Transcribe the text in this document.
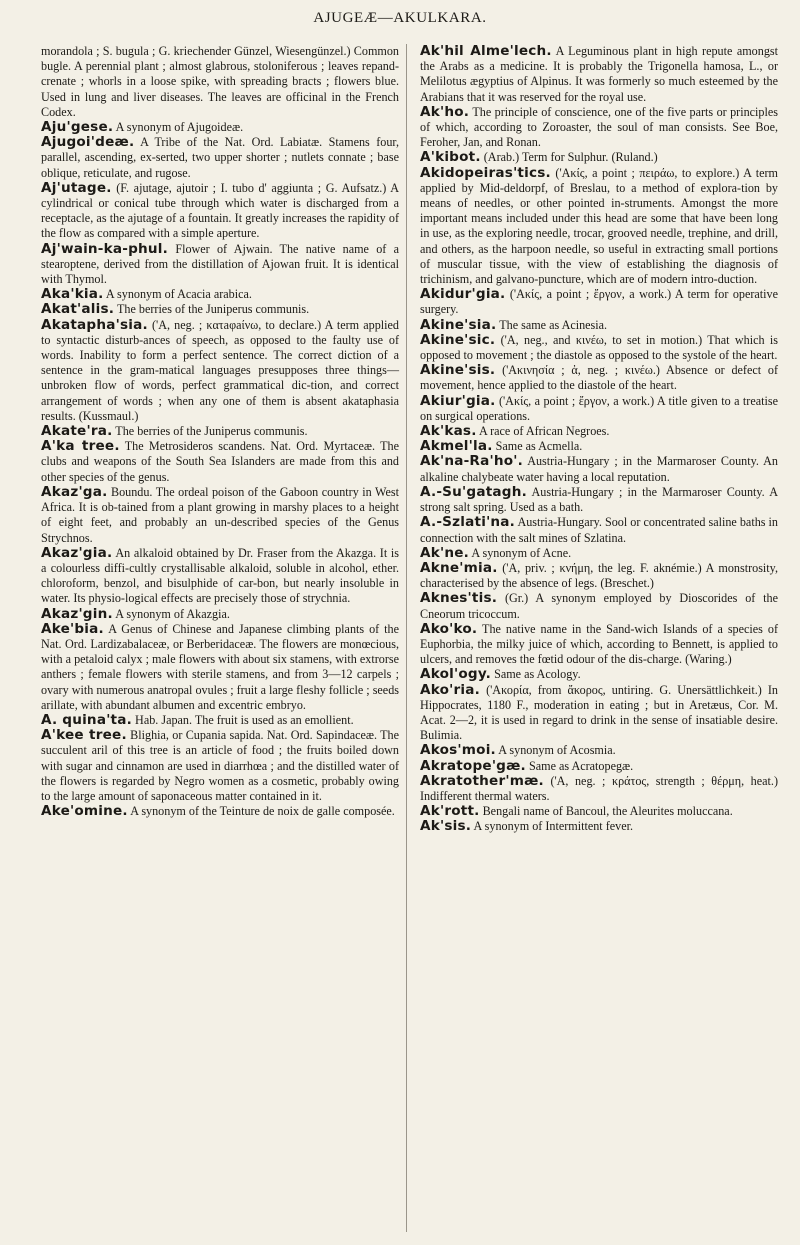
AJUGEÆ—AKULKARA.

morandola ; S. bugula ; G. kriechender Günzel, Wiesengünzel.) Common bugle. A perennial plant ; almost glabrous, stoloniferous ; leaves repand-crenate ; whorls in a loose spike, with spreading bracts ; flowers blue. Used in lung and liver diseases. The leaves are officinal in the French Codex.

Aju'gese. A synonym of Ajugoideæ.

Ajugoi'deæ. A Tribe of the Nat. Ord. Labiatæ. Stamens four, parallel, ascending, ex-serted, two upper shorter ; nutlets connate ; base oblique, reticulate, and rugose.

Aj'utage. (F. ajutage, ajutoir ; I. tubo d' aggiunta ; G. Aufsatz.) A cylindrical or conical tube through which water is discharged from a receptacle, as the ajutage of a fountain. It greatly increases the rapidity of the flow as compared with a simple aperture.

Aj'wain-ka-phul. Flower of Ajwain. The native name of a stearoptene, derived from the distillation of Ajowan fruit. It is identical with Thymol.

Aka'kia. A synonym of Acacia arabica.

Akat'alis. The berries of the Juniperus communis.

Akatapha'sia. ('A, neg. ; κατaφaίνω, to declare.) A term applied to syntactic disturb-ances of speech, as opposed to the faulty use of words. Inability to form a perfect sentence. The correct diction of a sentence in the gram-matical languages presupposes three things— unbroken flow of words, perfect grammatical dic-tion, and correct arrangement of words ; when any one of them is absent akataphasia results. (Kussmaul.)

Akate'ra. The berries of the Juniperus communis.

A'ka tree. The Metrosideros scandens. Nat. Ord. Myrtaceæ. The clubs and weapons of the South Sea Islanders are made from this and other species of the genus.

Akaz'ga. Boundu. The ordeal poison of the Gaboon country in West Africa. It is ob-tained from a plant growing in marshy places to a height of eight feet, and probably an un-described species of the Genus Strychnos.

Akaz'gia. An alkaloid obtained by Dr. Fraser from the Akazga. It is a colourless diffi-cultly crystallisable alkaloid, soluble in alcohol, ether. chloroform, benzol, and bisulphide of car-bon, but nearly insoluble in water. Its physio-logical effects are precisely those of strychnia.

Akaz'gin. A synonym of Akazgia.

Ake'bia. A Genus of Chinese and Japanese climbing plants of the Nat. Ord. Lardizabalaceæ, or Berberidaceæ. The flowers are monœcious, with a petaloid calyx ; male flowers with about six stamens, with extrorse anthers ; female flowers with sterile stamens, and from 3—12 carpels ; ovary with numerous anatropal ovules ; fruit a large fleshy follicle ; seeds arillate, with abundant albumen and excentric embryo.

A. quina'ta. Hab. Japan. The fruit is used as an emollient.

A'kee tree. Blighia, or Cupania sapida. Nat. Ord. Sapindaceæ. The succulent aril of this tree is an article of food ; the fruits boiled down with sugar and cinnamon are used in diarrhœa ; and the distilled water of the flowers is regarded by Negro women as a cosmetic, probably owing to the large amount of saponaceous matter contained in it.

Ake'omine. A synonym of the Teinture de noix de galle composée.

Ak'hil Alme'lech. A Leguminous plant in high repute amongst the Arabs as a medicine. It is probably the Trigonella hamosa, L., or Melilotus ægyptius of Alpinus. It was formerly so much esteemed by the Arabians that it was reserved for the royal use.

Ak'ho. The principle of conscience, one of the five parts or principles of which, according to Zoroaster, the soul of man consists. See Boe, Feroher, Jan, and Ronan.

A'kibot. (Arab.) Term for Sulphur. (Ruland.)

Akidopeiras'tics. ('Aκίς, a point ; πειράω, to explore.) A term applied by Mid-deldorpf, of Breslau, to a method of explora-tion by means of needles, or other pointed in-struments. Amongst the more important means included under this head are some that have been long in use, as the exploring needle, trocar, grooved needle, trephine, and drill, and others, as the harpoon needle, so useful in extracting small portions of muscular tissue, with the view of establishing the diagnosis of trichinism, and galvano-puncture, which are of modern intro-duction.

Akidur'gia. ('Aκίς, a point ; ἔργον, a work.) A term for operative surgery.

Akine'sia. The same as Acinesia.

Akine'sic. ('A, neg., and κινέω, to set in motion.) That which is opposed to movement ; the diastole as opposed to the systole of the heart.

Akine'sis. ('Aκινησία ; ἀ, neg. ; κινέω.) Absence or defect of movement, hence applied to the diastole of the heart.

Akiur'gia. ('Aκίς, a point ; ἔργον, a work.) A title given to a treatise on surgical operations.

Ak'kas. A race of African Negroes.

Akmel'la. Same as Acmella.

Ak'na-Ra'ho'. Austria-Hungary ; in the Marmaroser County. An alkaline chalybeate water having a local reputation.

A.-Su'gatagh. Austria-Hungary ; in the Marmaroser County. A strong salt spring. Used as a bath.

A.-Szlati'na. Austria-Hungary. Sool or concentrated saline baths in connection with the salt mines of Szlatina.

Ak'ne. A synonym of Acne.

Akne'mia. ('A, priv. ; κνήμη, the leg. F. aknémie.) A monstrosity, characterised by the absence of legs. (Breschet.)

Aknes'tis. (Gr.) A synonym employed by Dioscorides of the Cneorum tricoccum.

Ako'ko. The native name in the Sand-wich Islands of a species of Euphorbia, the milky juice of which, according to Bennett, is applied to ulcers, and removes the fœtid odour of the dis-charge. (Waring.)

Akol'ogy. Same as Acology.

Ako'ria. ('Aκορία, from ἄκορος, untiring. G. Unersättlichkeit.) In Hippocrates, 1180 F., moderation in eating ; but in Aretæus, Cor. M. Acat. 2—2, it is used in regard to drink in the sense of insatiable desire. Bulimia.

Akos'moi. A synonym of Acosmia.

Akratope'gæ. Same as Acratopegæ.

Akratother'mæ. ('A, neg. ; κράτος, strength ; θέρμη, heat.) Indifferent thermal waters.

Ak'rott. Bengali name of Bancoul, the Aleurites moluccana.

Ak'sis. A synonym of Intermittent fever.
